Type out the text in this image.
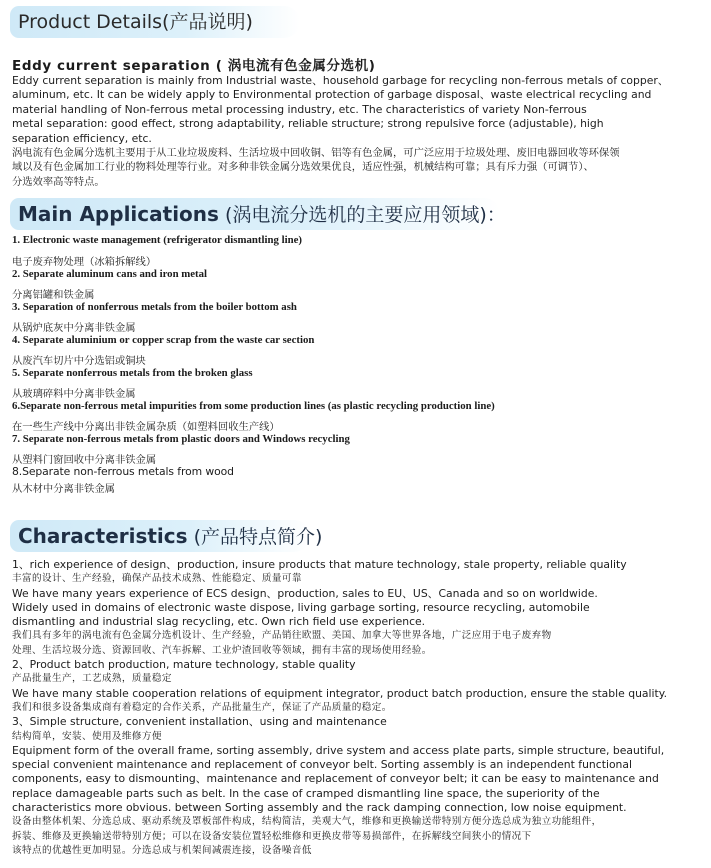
Product Details(产品说明)
Eddy current separation ( 涡电流有色金属分选机)

Eddy current separation is mainly from Industrial waste、household garbage for recycling non-ferrous metals of copper、

aluminum, etc. It can be widely apply to Environmental protection of garbage disposal、waste electrical recycling and

material handling of Non-ferrous metal processing industry, etc. The characteristics of variety Non-ferrous

metal separation: good effect, strong adaptability, reliable structure; strong repulsive force (adjustable), high

separation efficiency, etc.

涡电流有色金属分选机主要用于从工业垃圾废料、生活垃圾中回收铜、铝等有色金属，可广泛应用于垃圾处理、废旧电器回收等环保领

域以及有色金属加工行业的物料处理等行业。对多种非铁金属分选效果优良，适应性强，机械结构可靠；具有斥力强（可调节）、

分选效率高等特点。

Main Applications (涡电流分选机的主要应用领域)：
1. Electronic waste management (refrigerator dismantling line)
电子废弃物处理（冰箱拆解线）
2. Separate aluminum cans and iron metal
分离铝罐和铁金属
3. Separation of nonferrous metals from the boiler bottom ash
从锅炉底灰中分离非铁金属
4. Separate aluminium or copper scrap from the waste car section
从废汽车切片中分选铝或铜块
5. Separate nonferrous metals from the broken glass
从玻璃碎料中分离非铁金属
6.Separate non-ferrous metal impurities from some production lines (as plastic recycling production line)
在一些生产线中分离出非铁金属杂质（如塑料回收生产线）
7. Separate non-ferrous metals from plastic doors and Windows recycling
从塑料门窗回收中分离非铁金属
8.Separate non-ferrous metals from wood
从木材中分离非铁金属
Characteristics (产品特点简介)

1、rich experience of design、production, insure products that mature technology, stale property, reliable quality

丰富的设计、生产经验，确保产品技术成熟、性能稳定、质量可靠

We have many years experience of ECS design、production, sales to EU、US、Canada and so on worldwide.

Widely used in domains of electronic waste dispose, living garbage sorting, resource recycling, automobile

dismantling and industrial slag recycling, etc. Own rich field use experience.

我们具有多年的涡电流有色金属分选机设计、生产经验，产品销往欧盟、美国、加拿大等世界各地，广泛应用于电子废弃物

处理、生活垃圾分选、资源回收、汽车拆解、工业炉渣回收等领域，拥有丰富的现场使用经验。

2、Product batch production, mature technology, stable quality

产品批量生产，工艺成熟，质量稳定

We have many stable cooperation relations of equipment integrator, product batch production, ensure the stable quality.

我们和很多设备集成商有着稳定的合作关系，产品批量生产，保证了产品质量的稳定。

3、Simple structure, convenient installation、using and maintenance

结构简单，安装、使用及维修方便

Equipment form of the overall frame, sorting assembly, drive system and access plate parts, simple structure, beautiful,

special convenient maintenance and replacement of conveyor belt. Sorting assembly is an independent functional

components, easy to dismounting、maintenance and replacement of conveyor belt; it can be easy to maintenance and

replace damageable parts such as belt. In the case of cramped dismantling line space, the superiority of the

characteristics more obvious. between Sorting assembly and the rack damping connection, low noise equipment.

设备由整体机架、分选总成、驱动系统及罩板部件构成，结构简洁，美观大气，维修和更换输送带特别方便分选总成为独立功能组件，

拆装、维修及更换输送带特别方便；可以在设备安装位置轻松维修和更换皮带等易损部件，在拆解线空间狭小的情况下

该特点的优越性更加明显。分选总成与机架间减震连接，设备噪音低
